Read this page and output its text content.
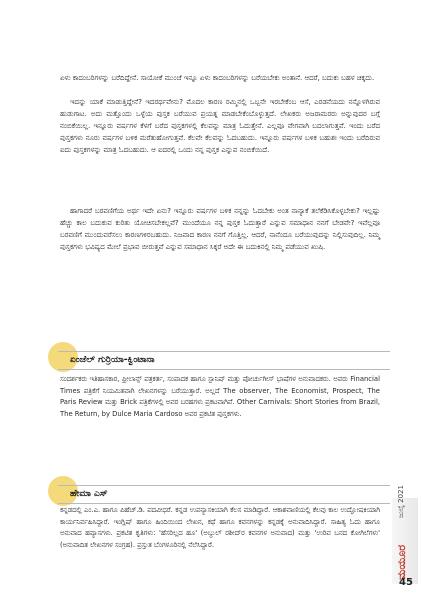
ಏಳು ಕಾದಂಬರಿಗಳನ್ನು ಬರೆದಿದ್ದೇನೆ. ಸಾಯೋಕೆ ಮುಂಚೆ ಇನ್ನೂ ಏಳು ಕಾದಂಬರಿಗಳನ್ನು ಬರೆಯಬೇಕು ಅಂತಾನೆ. ಆದರೆ, ಬದುಕು ಬಹಳ ಚಿಕ್ಕದು.

ಇದನ್ನು ಯಾಕೆ ಮಾಡುತ್ತಿದ್ದೇನೆ? ಇದರರ್ಥವೇನು? ಮೊದಲ ಕಾರಣ ರಮ್ಮಿನಲ್ಲಿ ಒಬ್ಬನೇ ಇರಬೇಕೆಂಬ ಆಸೆ, ಎರಡನೆಯದು ನನ್ನೊಳಗಿರುವ ಹುಡುಗಾಟ. ಅದು ಮತ್ತೊಂದು ಒಳ್ಳೆಯ ಪುಸ್ತಕ ಬರೆಯುವ ಪ್ರಯತ್ನ ಮಾಡಬೇಕೆಂಬೊಳ್ಳುತ್ತದೆ. ಲೇಖಕರು ಅಜರಾಮರರು ಅನ್ನುವುದರ ಬಗ್ಗೆ ನಂಬಿಕೆಯಿಲ್ಲ. ಇನ್ನೂರು ವರ್ಷಗಳ ಕೆಳಗೆ ಬರೆದ ಪುಸ್ತಕಗಳಲ್ಲಿ ಕೆಲವನ್ನು ಮಾತ್ರ ಓದುತ್ತೇನೆ. ಎಲ್ಲವೂ ವೇಗವಾಗಿ ಬದಲಾಗುತ್ತವೆ. ಇಂದು ಬರೆದ ಪುಸ್ತಕಗಳು ನೂರು ವರ್ಷಗಳ ಬಳಿಕ ಮರೆತುಹೋಗುತ್ತವೆ. ಕೆಲವೇ ಕೆಲವನ್ನು ಓದಬಹುದು. ಇನ್ನೂರು ವರ್ಷಗಳ ಬಳಿಕ ಬಹುಶಃ ಇಂದು ಬರೆದಿರುವ ಐದು ಪುಸ್ತಕಗಳನ್ನು ಮಾತ್ರ ಓದಬಹುದು. ಆ ಐದರಲ್ಲಿ ಒಂದು ನನ್ನ ಪುಸ್ತಕ ಎನ್ನುವ ನಂಬಿಕೆಯಿದೆ.

ಹಾಗಾದರೆ ಬರವಣಿಗೆಯ ಅರ್ಥ ಇದೇ ಏನು? ಇನ್ನೂರು ವರ್ಷಗಳ ಬಳಿಕ ನನ್ನನ್ನು ಓದಬೇಕು ಅಂತ ನಾನ್ಯಾಕೆ ತಲೆಕೆಡಿಸಿಕೊಳ್ಳಬೇಕು? ಇಲ್ಲಷ್ಟು ಹೆಚ್ಚು ಕಾಲ ಬದುಕುವ ಕುರಿತು ಯೋಚಿಸಬೇಕಲ್ಲವೆ? ಮುಂದೆಯೂ ನನ್ನ ಪುಸ್ತಕ ಓದುತ್ತಾರೆ ಎನ್ನುವ ಸಮಾಧಾನ ನನಗೆ ಬೇಡವೇ? ಇವೆಲ್ಲವೂ ಬರವಣಿಗೆ ಮುಂದುವರೆಸಲು ಕಾರಣಗಳಿರಬಹುದು. ನಿಜವಾದ ಕಾರಣ ನನಗೆ ಗೊತ್ತಿಲ್ಲ. ಆದರೆ, ನಾನೆಂದೂ ಬರೆಯುವುದನ್ನು ನಿಲ್ಲಿಸುವುದಿಲ್ಲ. ನಿಮ್ಮ ಪುಸ್ತಕಗಳು ಭವಿಷ್ಯದ ಮೇಲೆ ಪ್ರಭಾವ ಬೀರುತ್ತವೆ ಎನ್ನುವ ಸಮಾಧಾನ ಸಿಕ್ಕರೆ ಅದೇ ಈ ಬದುಕಿನಲ್ಲಿ ನಿಮ್ಮ ಪಡೆಯುವ ಖುಷಿ.

ಏಂಜೆಲ್ ಗುರ್‍ರಿಯಾ-ಕ್ವಿಂಟಾನಾ

ಸಂದರ್ಶಕರು ಇತಿಹಾಸಕಾರ, ಫ್ರೀಲಾನ್ಸ್ ಪತ್ರಕರ್ತ, ಸಂಪಾದಕ ಹಾಗೂ ಸ್ಪಾನಿಷ್ ಮತ್ತು ಪೋರ್ಚುಗೀಸ್ ಭಾಷೆಗಳ ಅನುವಾದಕರು. ಅವರು Financial Times ಪತ್ರಿಕೆಗೆ ನಿಯಮಿತವಾಗಿ ಲೇಖನಗಳನ್ನು ಬರೆಯುತ್ತಾರೆ. ಅಲ್ಲದೆ The observer, The Economist, Prospect, The Paris Review ಮತ್ತು Brick ಪತ್ರಿಕೆಗಳಲ್ಲಿ ಅವರ ಬರಹಗಳು ಪ್ರಕಟವಾಗಿವೆ. Other Carnivals: Short Stories from Brazil, The Return, by Dulce Maria Cardoso ಅವರ ಪ್ರಕಟಿತ ಪುಸ್ತಕಗಳು.

ಹೇಮಾ ಎಸ್

ಕನ್ನಡದಲ್ಲಿ ಎಂ.ಎ. ಹಾಗೂ ಪಿಹೆಚ್.ಡಿ. ಪದವೀಧರೆ. ಕನ್ನಡ ಉಪನ್ಯಾಸಕಿಯಾಗಿ ಕೆಲಸ ಮಾಡಿದ್ದಾರೆ. ಆಕಾಶವಾಣಿಯಲ್ಲಿ ಕೆಲವು ಕಾಲ ಉದ್ಘೋಷಕಿಯಾಗಿ ಕಾರ್ಯನಿರ್ವಹಿಸಿದ್ದಾರೆ. ಇಂಗ್ಲಿಷ್ ಹಾಗೂ ಹಿಂದಿಯಿಂದ ಲೇಖನ, ಕಥೆ ಹಾಗೂ ಕವನಗಳನ್ನು ಕನ್ನಡಕ್ಕೆ ಅನುವಾದಿಸಿದ್ದಾರೆ. ಸಾಹಿತ್ಯ ಓದು ಹಾಗೂ ಅನುವಾದ ಹವ್ಯಾಸಗಳು. ಪ್ರಕಟಿತ ಕೃತಿಗಳು: 'ಹೆಸರಿಲ್ಲದ ಹೂ' (ಅಬ್ದುಲ್ ರಶೀದ್‌ರ ಕವನಗಳ ಅನುವಾದ) ಮತ್ತು 'ಉರಿವ ಬನದ ಕೋಗಿಲೆಗಳು' (ಅನುವಾದಿತ ಲೇಖನಗಳ ಸಂಗ್ರಹ). ಪ್ರಸ್ತುತ ಬೆಂಗಳೂರಿನಲ್ಲಿ ನೆಲೆಸಿದ್ದಾರೆ.

ಜುಲೈ 2021
ಮಯೂರ
45
